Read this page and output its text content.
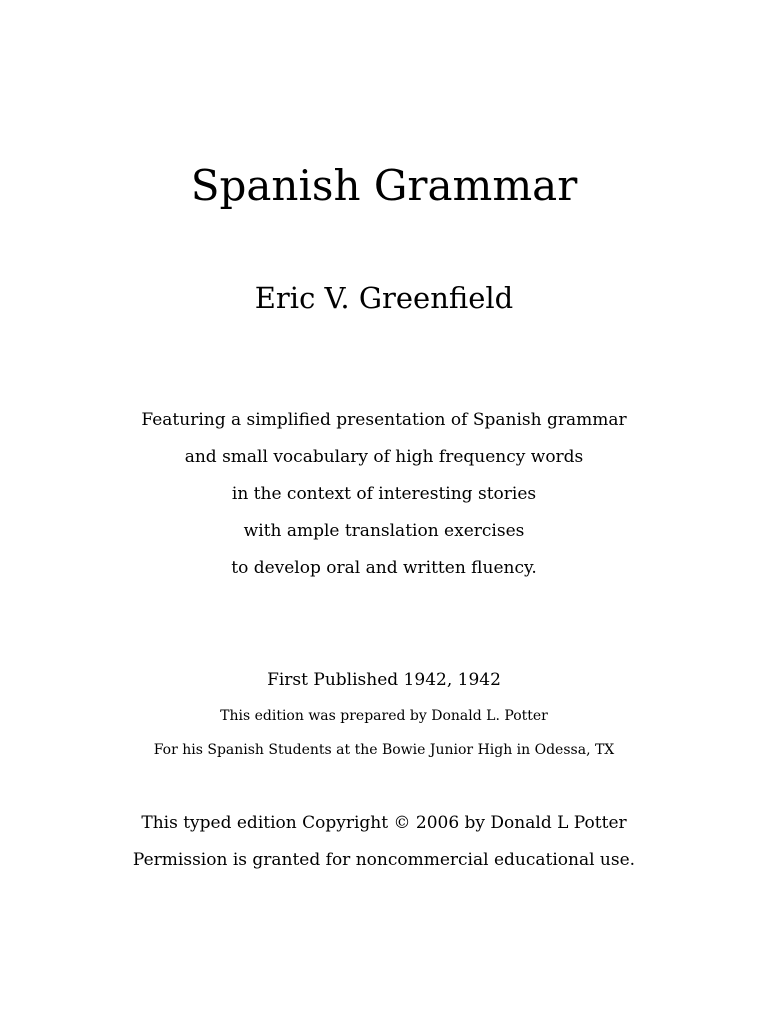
Spanish Grammar
Eric V. Greenfield
Featuring a simplified presentation of Spanish grammar
and small vocabulary of high frequency words
in the context of interesting stories
with ample translation exercises
to develop oral and written fluency.
First Published 1942, 1942
This edition was prepared by Donald L. Potter
For his Spanish Students at the Bowie Junior High in Odessa, TX
This typed edition Copyright © 2006 by Donald L Potter
Permission is granted for noncommercial educational use.
